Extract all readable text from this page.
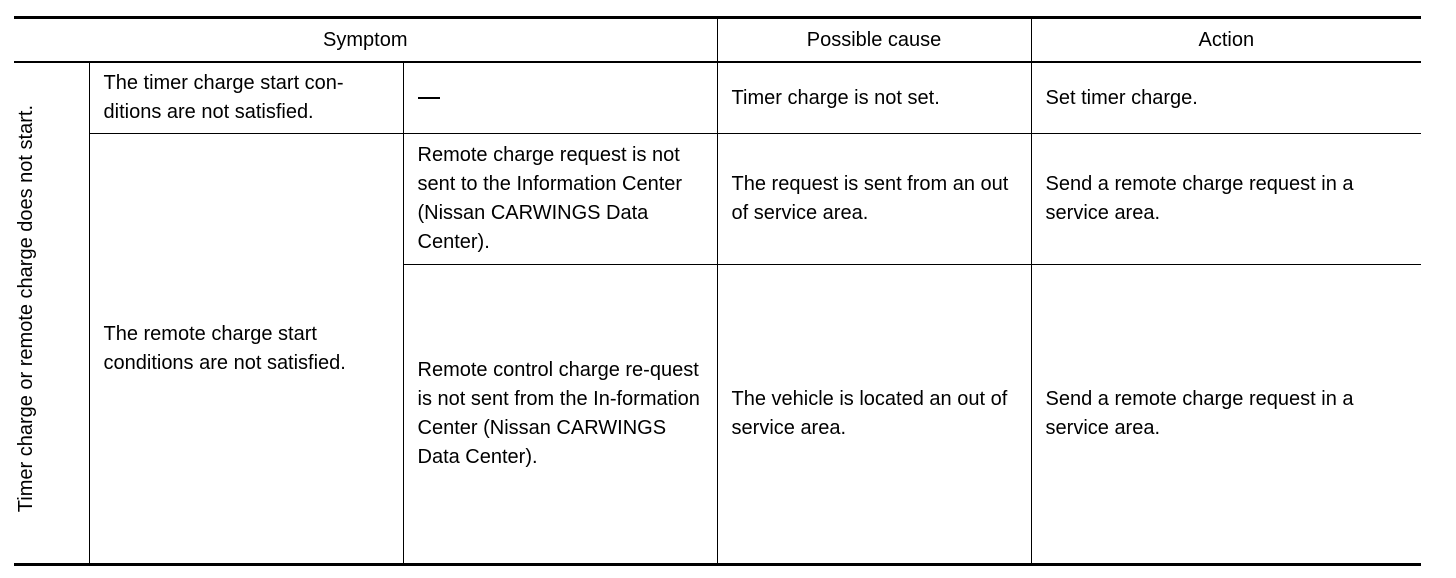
Symptom			Possible cause	Action
Timer charge or remote charge does not start.	The timer charge start con-ditions are not satisfied.		Timer charge is not set.	Set timer charge.
	The remote charge start conditions are not satisfied.	Remote charge request is not sent to the Information Center (Nissan CARWINGS Data Center).	The request is sent from an out of service area.	Send a remote charge request in a service area.
		Remote control charge re-quest is not sent from the In-formation Center (Nissan CARWINGS Data Center).	The vehicle is located an out of service area.	Send a remote charge request in a service area.
